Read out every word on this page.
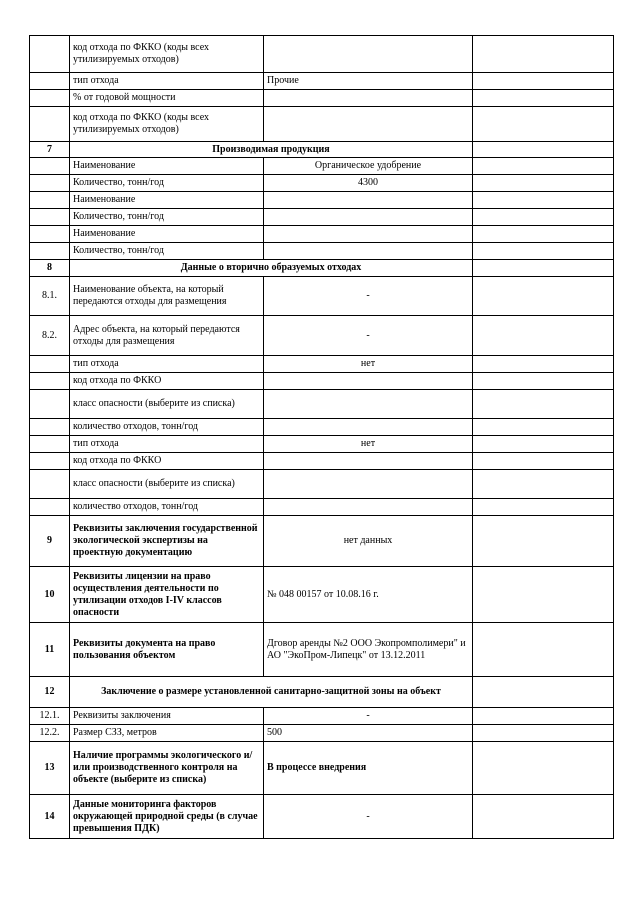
	код отхода по ФККО (коды всех утилизируемых отходов)		
	тип отхода	Прочие	
	% от годовой мощности		
	код отхода по ФККО (коды всех утилизируемых отходов)		
7	Производимая продукция		
	Наименование	Органическое удобрение	
	Количество, тонн/год	4300	
	Наименование		
	Количество, тонн/год		
	Наименование		
	Количество, тонн/год		
8	Данные о вторично образуемых отходах		
8.1.	Наименование объекта, на который передаются отходы для размещения	-	
8.2.	Адрес объекта, на который передаются отходы для размещения	-	
	тип отхода	нет	
	код отхода по ФККО		
	класс опасности (выберите из списка)		
	количество отходов, тонн/год		
	тип отхода	нет	
	код отхода по ФККО		
	класс опасности (выберите из списка)		
	количество отходов, тонн/год		
9	Реквизиты заключения государственной экологической экспертизы на проектную документацию	нет данных	
10	Реквизиты лицензии на право осуществления деятельности по утилизации отходов I-IV классов опасности	№ 048 00157 от 10.08.16 г.	
11	Реквизиты документа на право пользования объектом	Дговор аренды №2 ООО Экопромполимери" и АО "ЭкоПром-Липецк" от 13.12.2011	
12	Заключение о размере установленной санитарно-защитной зоны на объект		
12.1.	Реквизиты заключения	-	
12.2.	Размер СЗЗ, метров	500	
13	Наличие программы экологического и/или производственного контроля на объекте (выберите из списка)	В процессе внедрения	
14	Данные мониторинга факторов окружающей природной среды (в случае превышения ПДК)	-	
